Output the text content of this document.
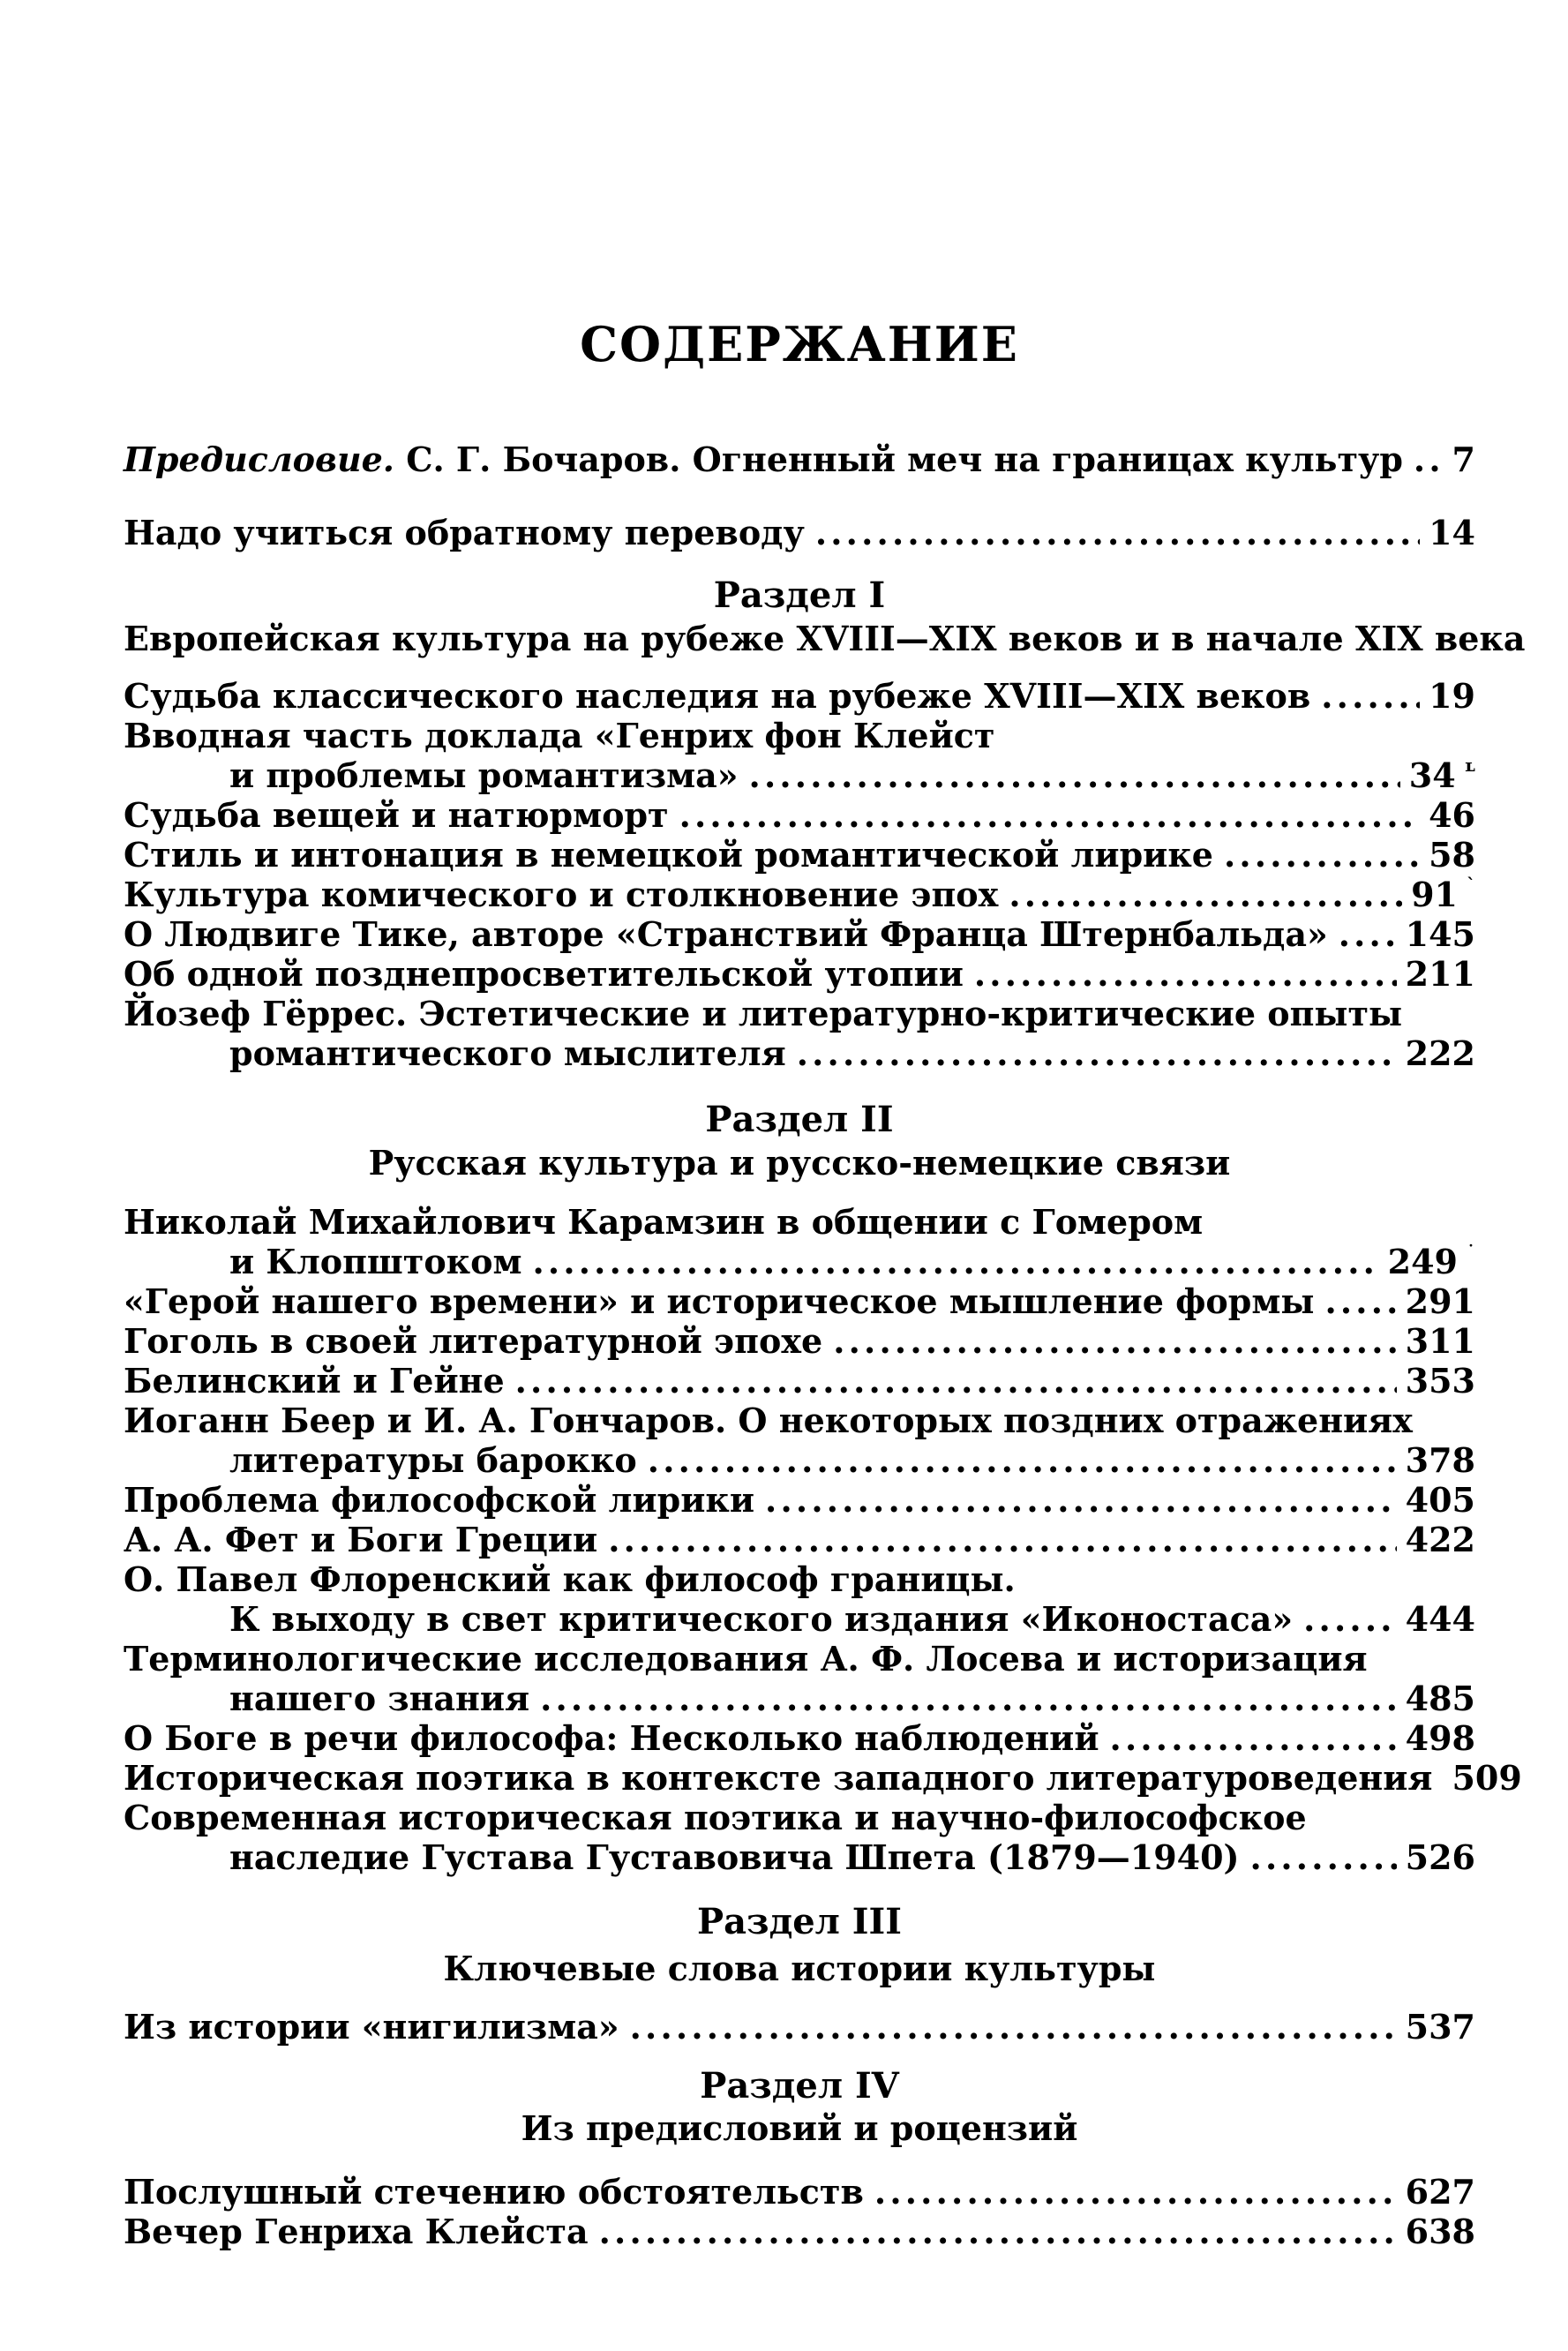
СОДЕРЖАНИЕ
Предисловие. С. Г. Бочаров. Огненный меч на границах культур ..... 7
Надо учиться обратному переводу .....	14
Раздел I
Европейская культура на рубеже XVIII—XIX веков и в начале XIX века
Судьба классического наследия на рубеже XVIII—XIX веков .....	19
Вводная часть доклада «Генрих фон Клейст
и проблемы романтизма» .....	34 ʟ
Судьба вещей и натюрморт .....	46
Стиль и интонация в немецкой романтической лирике .....	58
Культура комического и столкновение эпох .....	91 ˋ
О Людвиге Тике, авторе «Странствий Франца Штернбальда» ..... 145
Об одной позднепросветительской утопии .....	211
Йозеф Гёррес. Эстетические и литературно-критические опыты
романтического мыслителя .....	222
Раздел II
Русская культура и русско-немецкие связи
Николай Михайлович Карамзин в общении с Гомером
и Клопштоком .....	249 ˙
«Герой нашего времени» и историческое мышление формы .....	291
Гоголь в своей литературной эпохе .....	311
Белинский и Гейне .....	353
Иоганн Беер и И. А. Гончаров. О некоторых поздних отражениях
литературы барокко .....	378
Проблема философской лирики .....	405
А. А. Фет и Боги Греции .....	422
О. Павел Флоренский как философ границы.
К выходу в свет критического издания «Иконостаса» .....	444
Терминологические исследования А. Ф. Лосева и историзация
нашего знания .....	485
О Боге в речи философа: Несколько наблюдений .....	498
Историческая поэтика в контексте западного литературоведения 509
Современная историческая поэтика и научно-философское
наследие Густава Густавовича Шпета (1879—1940) .....	526
Раздел III
Ключевые слова истории культуры
Из истории «нигилизма» .....	537
Раздел IV
Из предисловий и роцензий
Послушный стечению обстоятельств .....	627
Вечер Генриха Клейста .....	638
